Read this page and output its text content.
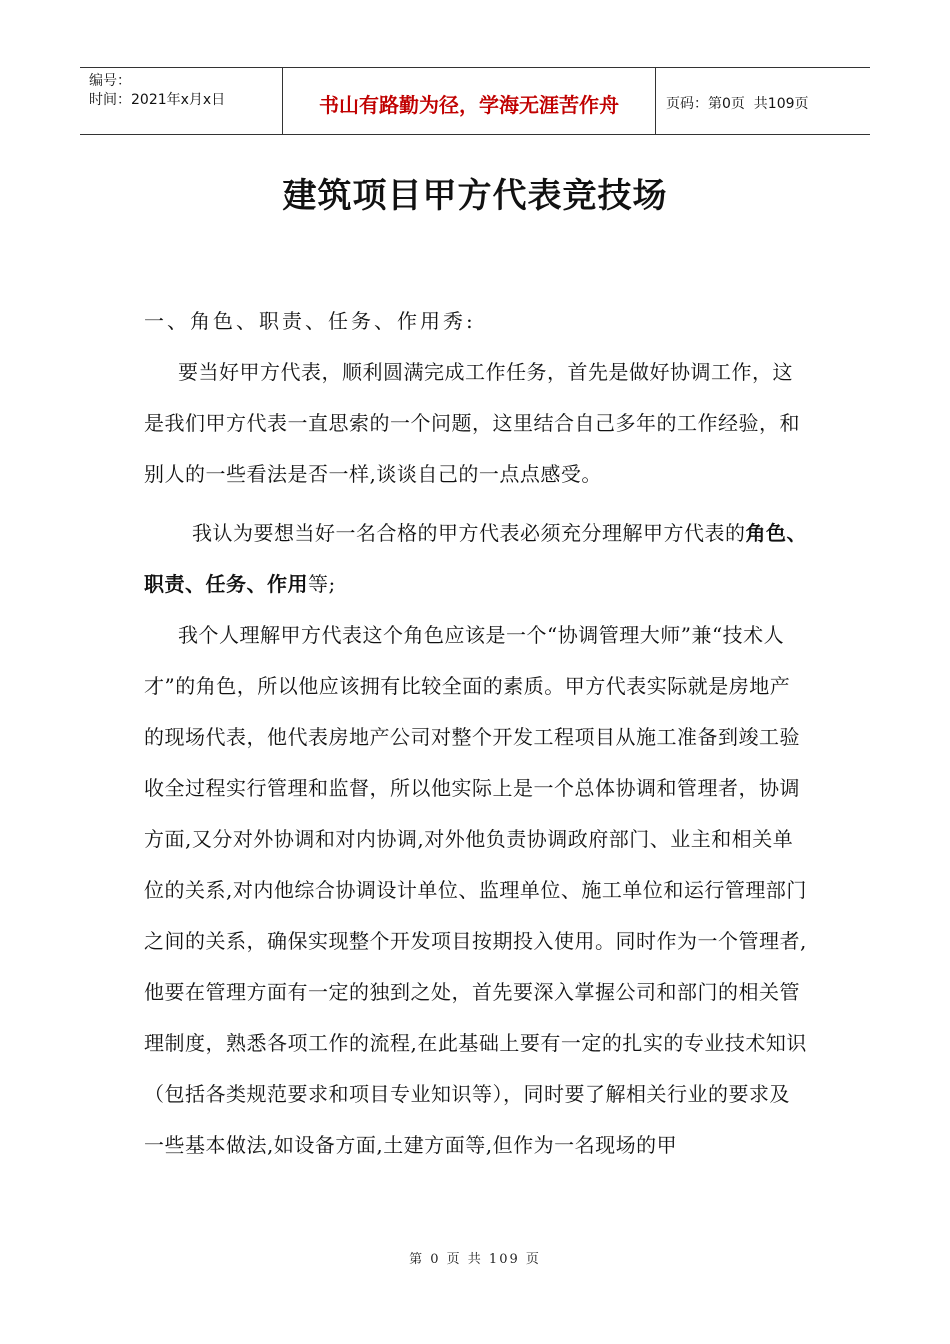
编号：
时间：2021年x月x日	书山有路勤为径，学海无涯苦作舟	页码：第0页  共109页
建筑项目甲方代表竞技场
一、角色、职责、任务、作用秀:
要当好甲方代表，顺利圆满完成工作任务，首先是做好协调工作，这是我们甲方代表一直思索的一个问题，这里结合自己多年的工作经验，和别人的一些看法是否一样,谈谈自己的一点点感受。
我认为要想当好一名合格的甲方代表必须充分理解甲方代表的角色、职责、任务、作用等;
我个人理解甲方代表这个角色应该是一个“协调管理大师”兼“技术人才”的角色，所以他应该拥有比较全面的素质。甲方代表实际就是房地产的现场代表，他代表房地产公司对整个开发工程项目从施工准备到竣工验收全过程实行管理和监督，所以他实际上是一个总体协调和管理者，协调方面,又分对外协调和对内协调,对外他负责协调政府部门、业主和相关单位的关系,对内他综合协调设计单位、监理单位、施工单位和运行管理部门之间的关系，确保实现整个开发项目按期投入使用。同时作为一个管理者,他要在管理方面有一定的独到之处，首先要深入掌握公司和部门的相关管理制度，熟悉各项工作的流程,在此基础上要有一定的扎实的专业技术知识（包括各类规范要求和项目专业知识等），同时要了解相关行业的要求及一些基本做法,如设备方面,土建方面等,但作为一名现场的甲
第 0 页 共 109 页
